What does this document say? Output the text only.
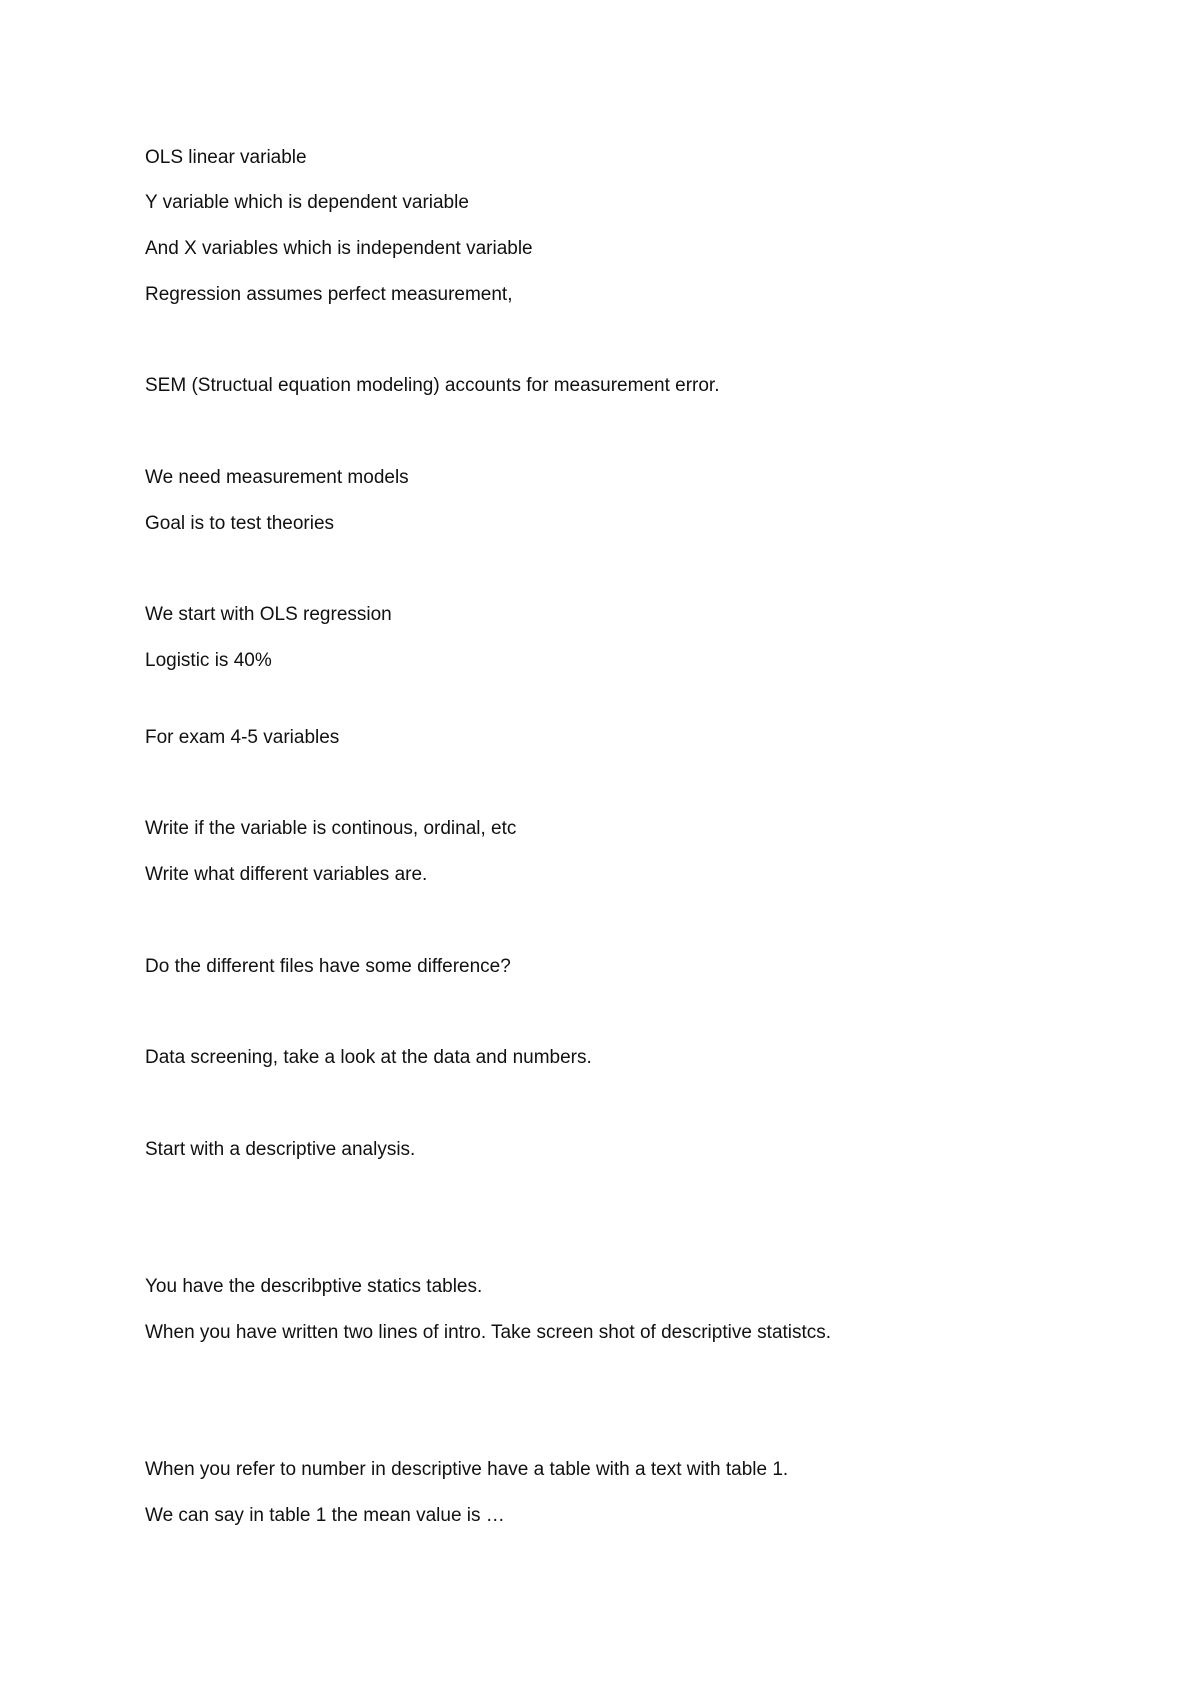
OLS linear variable

Y variable which is dependent variable

And X variables which is independent variable

Regression assumes perfect measurement,

SEM (Structual equation modeling) accounts for measurement error.

We need measurement models

Goal is to test theories

We start with OLS regression

Logistic is 40%

For exam 4-5 variables

Write if the variable is continous, ordinal, etc

Write what different variables are.

Do the different files have some difference?

Data screening, take a look at the data and numbers.

Start with a descriptive analysis.

You have the describptive statics tables.

When you have written two lines of intro. Take screen shot of descriptive statistcs.

When you refer to number in descriptive have a table with a text with table 1.

We can say in table 1 the mean value is …
